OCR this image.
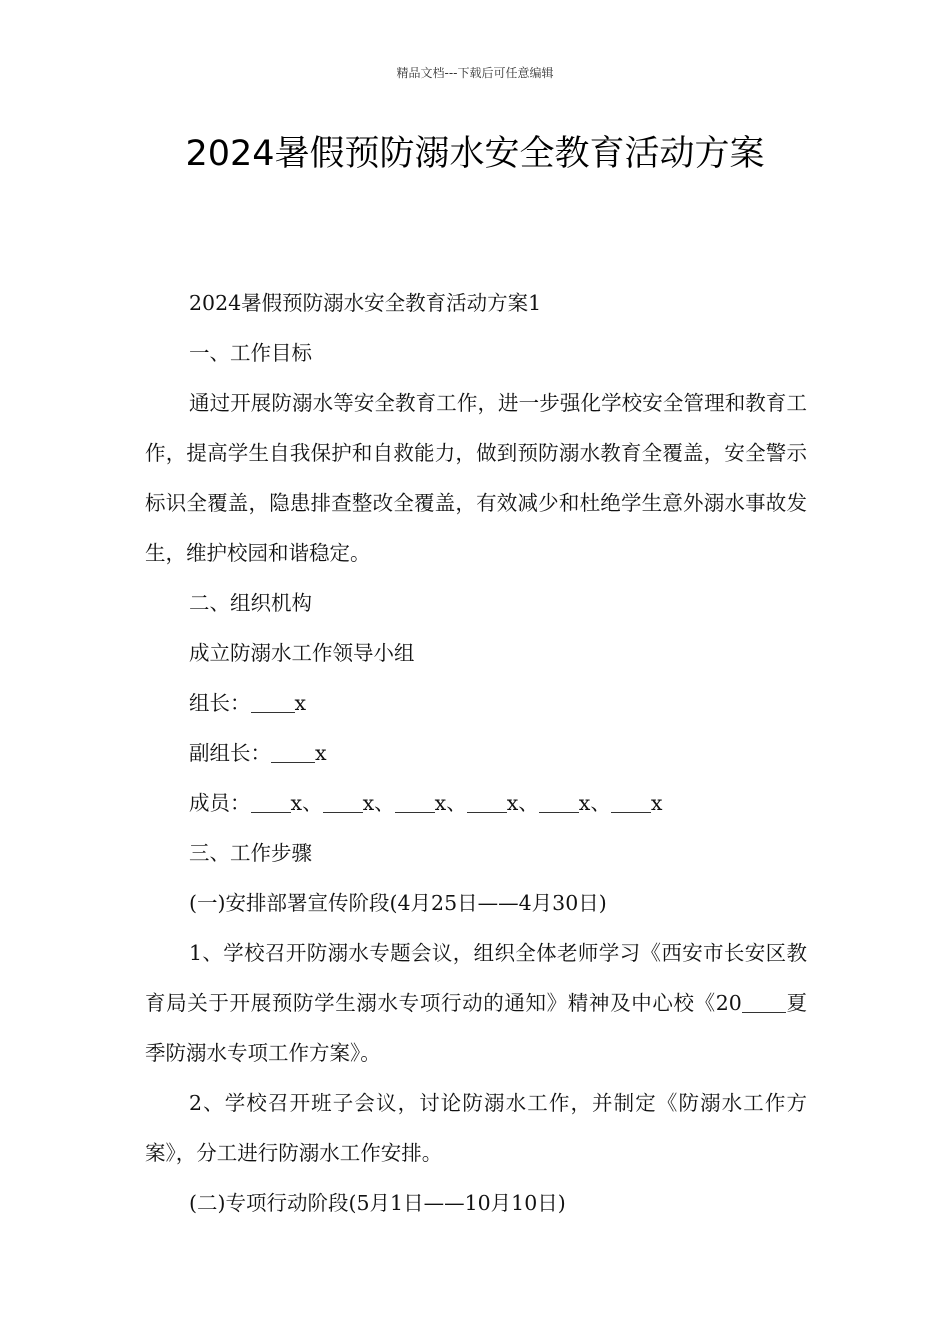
精品文档---下载后可任意编辑
2024暑假预防溺水安全教育活动方案

2024暑假预防溺水安全教育活动方案1

一、工作目标

通过开展防溺水等安全教育工作，进一步强化学校安全管理和教育工作，提高学生自我保护和自救能力，做到预防溺水教育全覆盖，安全警示标识全覆盖，隐患排查整改全覆盖，有效减少和杜绝学生意外溺水事故发生，维护校园和谐稳定。

二、组织机构

成立防溺水工作领导小组

组长： x

副组长： x

成员： x、 x、 x、 x、 x、 x

三、工作步骤

(一)安排部署宣传阶段(4月25日——4月30日)

1、学校召开防溺水专题会议，组织全体老师学习《西安市长安区教育局关于开展预防学生溺水专项行动的通知》精神及中心校《20 夏季防溺水专项工作方案》。

2、学校召开班子会议，讨论防溺水工作，并制定《防溺水工作方案》，分工进行防溺水工作安排。

(二)专项行动阶段(5月1日——10月10日)
